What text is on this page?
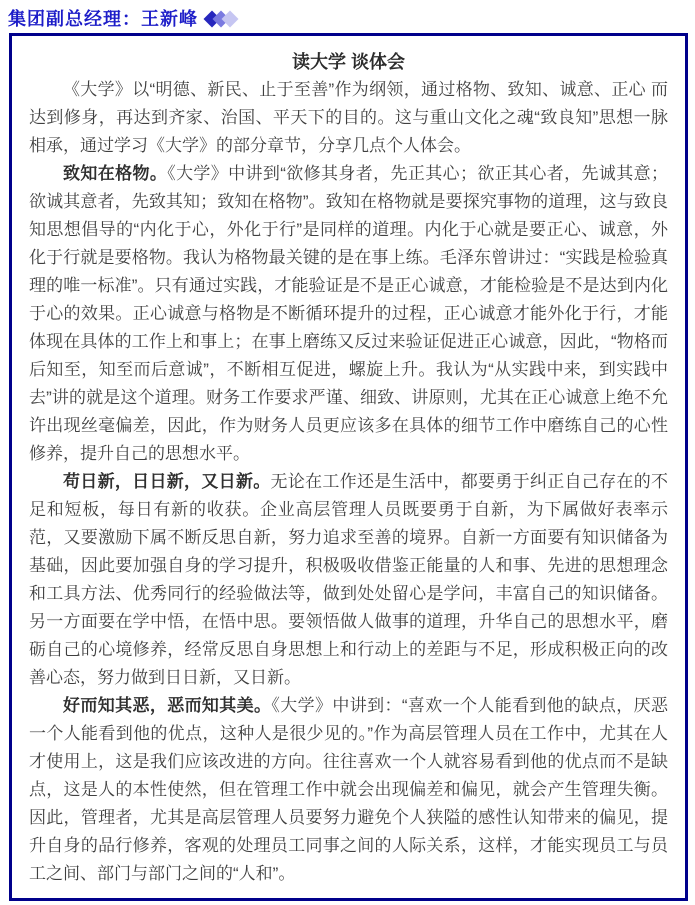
集团副总经理：王新峰
读大学 谈体会

《大学》以“明德、新民、止于至善”作为纲领，通过格物、致知、诚意、正心 而达到修身，再达到齐家、治国、平天下的目的。这与重山文化之魂“致良知”思想一脉相承，通过学习《大学》的部分章节，分享几点个人体会。

致知在格物。《大学》中讲到“欲修其身者，先正其心；欲正其心者，先诚其意；欲诚其意者，先致其知；致知在格物”。致知在格物就是要探究事物的道理，这与致良知思想倡导的“内化于心，外化于行”是同样的道理。内化于心就是要正心、诚意，外化于行就是要格物。我认为格物最关键的是在事上练。毛泽东曾讲过：“实践是检验真理的唯一标准”。只有通过实践，才能验证是不是正心诚意，才能检验是不是达到内化于心的效果。正心诚意与格物是不断循环提升的过程，正心诚意才能外化于行，才能体现在具体的工作上和事上；在事上磨练又反过来验证促进正心诚意，因此，“物格而后知至，知至而后意诚”，不断相互促进，螺旋上升。我认为“从实践中来，到实践中去”讲的就是这个道理。财务工作要求严谨、细致、讲原则，尤其在正心诚意上绝不允许出现丝毫偏差，因此，作为财务人员更应该多在具体的细节工作中磨练自己的心性修养，提升自己的思想水平。

苟日新，日日新，又日新。无论在工作还是生活中，都要勇于纠正自己存在的不足和短板，每日有新的收获。企业高层管理人员既要勇于自新，为下属做好表率示范，又要激励下属不断反思自新，努力追求至善的境界。自新一方面要有知识储备为基础，因此要加强自身的学习提升，积极吸收借鉴正能量的人和事、先进的思想理念和工具方法、优秀同行的经验做法等，做到处处留心是学问，丰富自己的知识储备。另一方面要在学中悟，在悟中思。要领悟做人做事的道理，升华自己的思想水平，磨砺自己的心境修养，经常反思自身思想上和行动上的差距与不足，形成积极正向的改善心态，努力做到日日新，又日新。

好而知其恶，恶而知其美。《大学》中讲到：“喜欢一个人能看到他的缺点，厌恶一个人能看到他的优点，这种人是很少见的。”作为高层管理人员在工作中，尤其在人才使用上，这是我们应该改进的方向。往往喜欢一个人就容易看到他的优点而不是缺点，这是人的本性使然，但在管理工作中就会出现偏差和偏见，就会产生管理失衡。因此，管理者，尤其是高层管理人员要努力避免个人狭隘的感性认知带来的偏见，提升自身的品行修养，客观的处理员工同事之间的人际关系，这样，才能实现员工与员工之间、部门与部门之间的“人和”。
